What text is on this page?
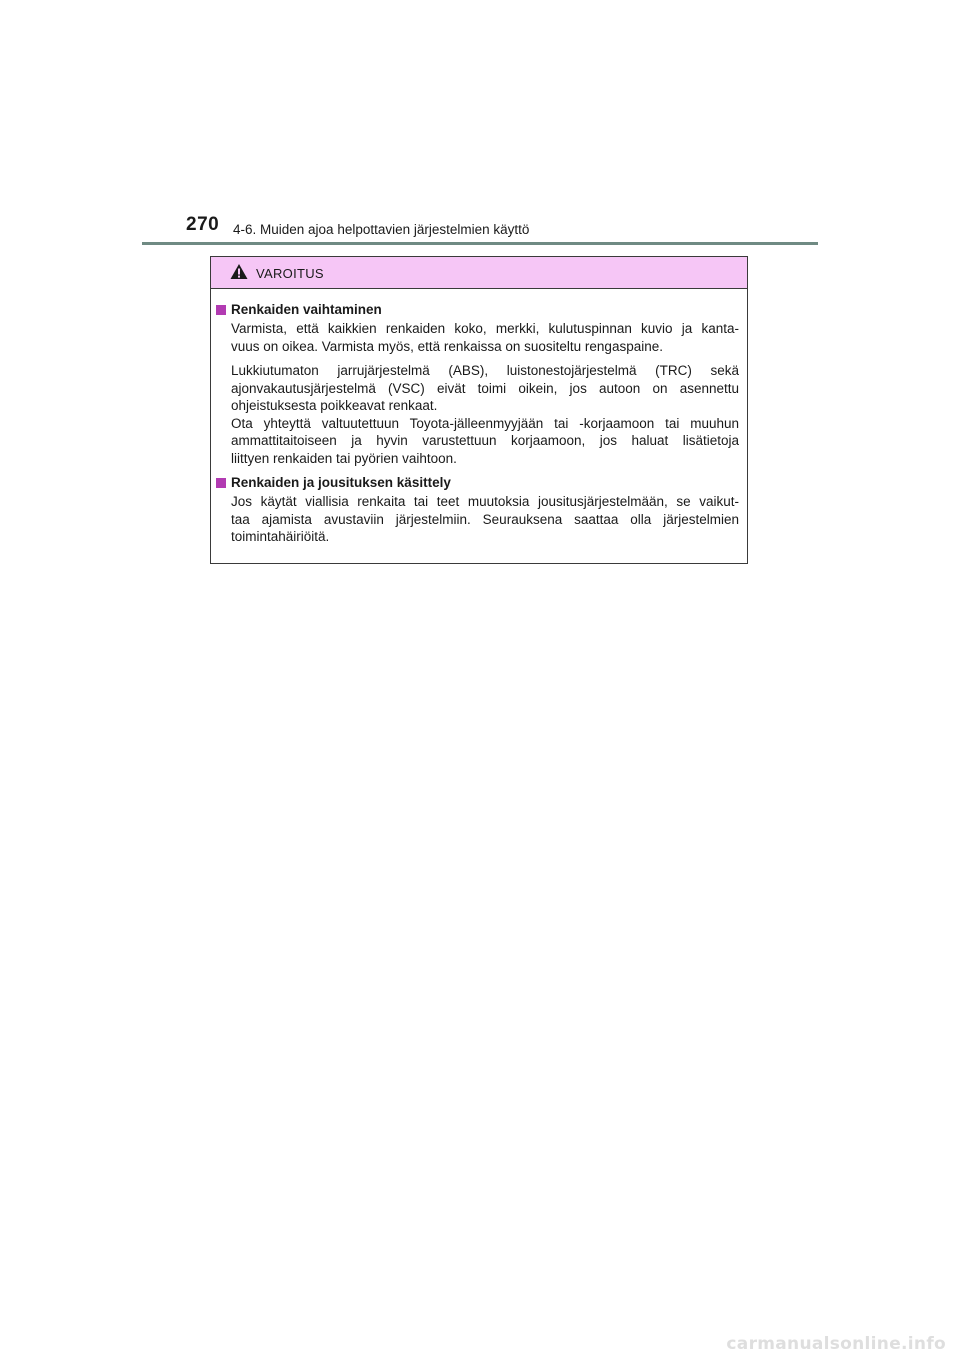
270 4-6. Muiden ajoa helpottavien järjestelmien käyttö
VAROITUS
Renkaiden vaihtaminen

Varmista, että kaikkien renkaiden koko, merkki, kulutuspinnan kuvio ja kanta-
vuus on oikea. Varmista myös, että renkaissa on suositeltu rengaspaine.

Lukkiutumaton jarrujärjestelmä (ABS), luistonestojärjestelmä (TRC) sekä
ajonvakautusjärjestelmä (VSC) eivät toimi oikein, jos autoon on asennettu
ohjeistuksesta poikkeavat renkaat.
Ota yhteyttä valtuutettuun Toyota-jälleenmyyjään tai -korjaamoon tai muuhun
ammattitaitoiseen ja hyvin varustettuun korjaamoon, jos haluat lisätietoja
liittyen renkaiden tai pyörien vaihtoon.

Renkaiden ja jousituksen käsittely

Jos käytät viallisia renkaita tai teet muutoksia jousitusjärjestelmään, se vaikut-
taa ajamista avustaviin järjestelmiin. Seurauksena saattaa olla järjestelmien
toimintahäiriöitä.

carmanualsonline.info
